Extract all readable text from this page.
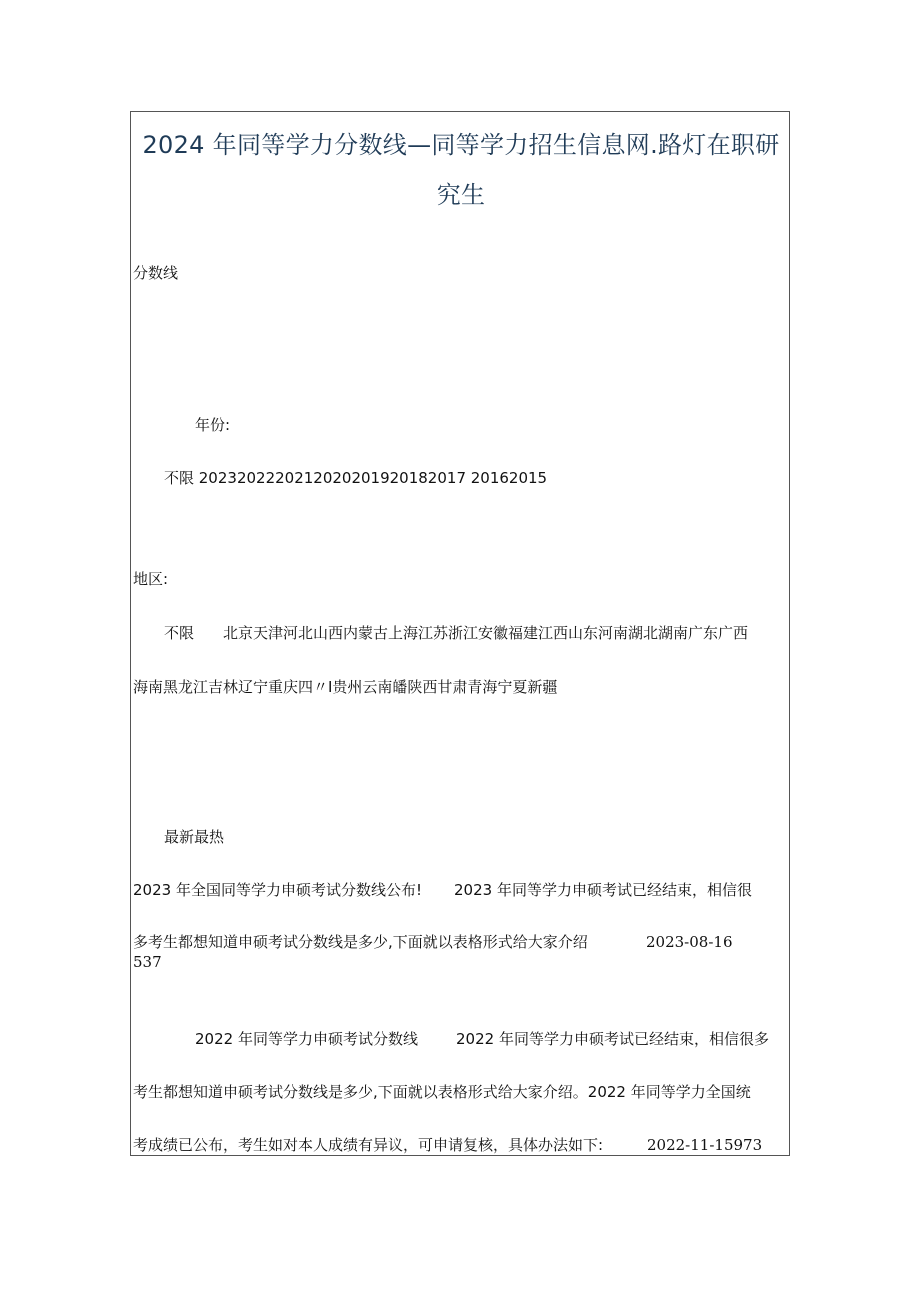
2024 年同等学力分数线—同等学力招生信息网.路灯在职研
究生
分数线
年份:
不限 2023202220212020201920182017 20162015
地区:
不限 北京天津河北山西内蒙古上海江苏浙江安徽福建江西山东河南湖北湖南广东广西
海南黑龙江吉林辽宁重庆四〃I贵州云南皤陕西甘肃青海宁夏新疆
最新最热
2023 年全国同等学力申硕考试分数线公布! 2023 年同等学力申硕考试已经结束，相信很
多考生都想知道申硕考试分数线是多少,下面就以表格形式给大家介绍	2023-08-16
537
2022 年同等学力申硕考试分数线	2022 年同等学力申硕考试已经结束，相信很多
考生都想知道申硕考试分数线是多少,下面就以表格形式给大家介绍。2022 年同等学力全国统
考成绩已公布，考生如对本人成绩有异议，可申请复核，具体办法如下:	2022-11-15973
